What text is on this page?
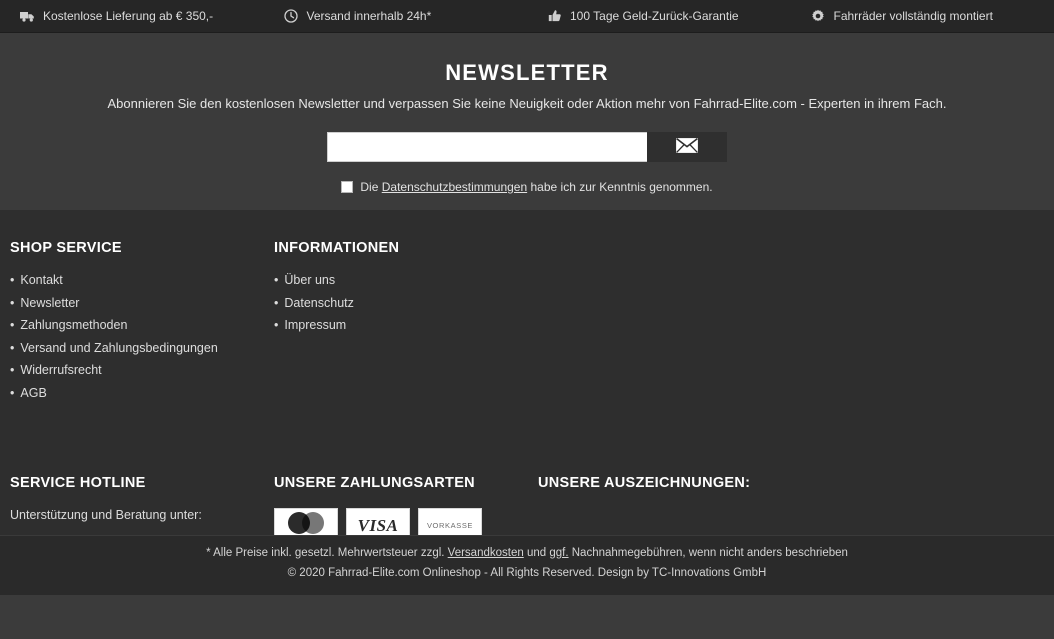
Kostenlose Lieferung ab € 350,-	Versand innerhalb 24h*	100 Tage Geld-Zurück-Garantie	Fahrräder vollständig montiert
NEWSLETTER

Abonnieren Sie den kostenlosen Newsletter und verpassen Sie keine Neuigkeit oder Aktion mehr von Fahrrad-Elite.com - Experten in ihrem Fach.

Die Datenschutzbestimmungen habe ich zur Kenntnis genommen.
SHOP SERVICE
• Kontakt
• Newsletter
• Zahlungsmethoden
• Versand und Zahlungsbedingungen
• Widerrufsrecht
• AGB
INFORMATIONEN
• Über uns
• Datenschutz
• Impressum
SERVICE HOTLINE

Unterstützung und Beratung unter:

UNSERE ZAHLUNGSARTEN
VISA	VORKASSE
UNSERE AUSZEICHNUNGEN:

* Alle Preise inkl. gesetzl. Mehrwertsteuer zzgl. Versandkosten und ggf. Nachnahmegebühren, wenn nicht anders beschrieben

© 2020 Fahrrad-Elite.com Onlineshop - All Rights Reserved. Design by TC-Innovations GmbH
